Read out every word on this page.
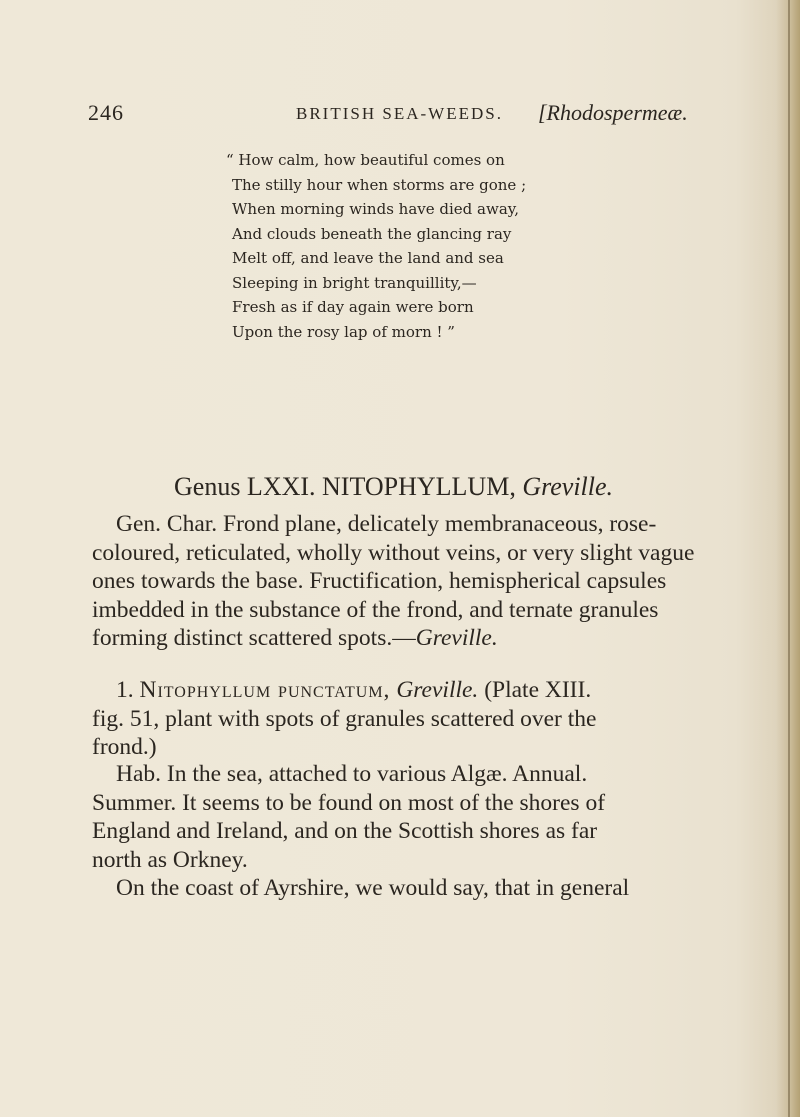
246	BRITISH SEA-WEEDS. [Rhodospermeæ.
“ How calm, how beautiful comes on
The stilly hour when storms are gone ;
When morning winds have died away,
And clouds beneath the glancing ray
Melt off, and leave the land and sea
Sleeping in bright tranquillity,—
Fresh as if day again were born
Upon the rosy lap of morn ! ”
Genus LXXI. NITOPHYLLUM, Greville.
Gen. Char. Frond plane, delicately membranaceous, rose-
coloured, reticulated, wholly without veins, or very slight vague
ones towards the base. Fructification, hemispherical capsules
imbedded in the substance of the frond, and ternate granules
forming distinct scattered spots.—Greville.
1. Nitophyllum punctatum, Greville. (Plate XIII.
fig. 51, plant with spots of granules scattered over the
frond.)
Hab. In the sea, attached to various Algæ. Annual.
Summer. It seems to be found on most of the shores of
England and Ireland, and on the Scottish shores as far
north as Orkney.
On the coast of Ayrshire, we would say, that in general
